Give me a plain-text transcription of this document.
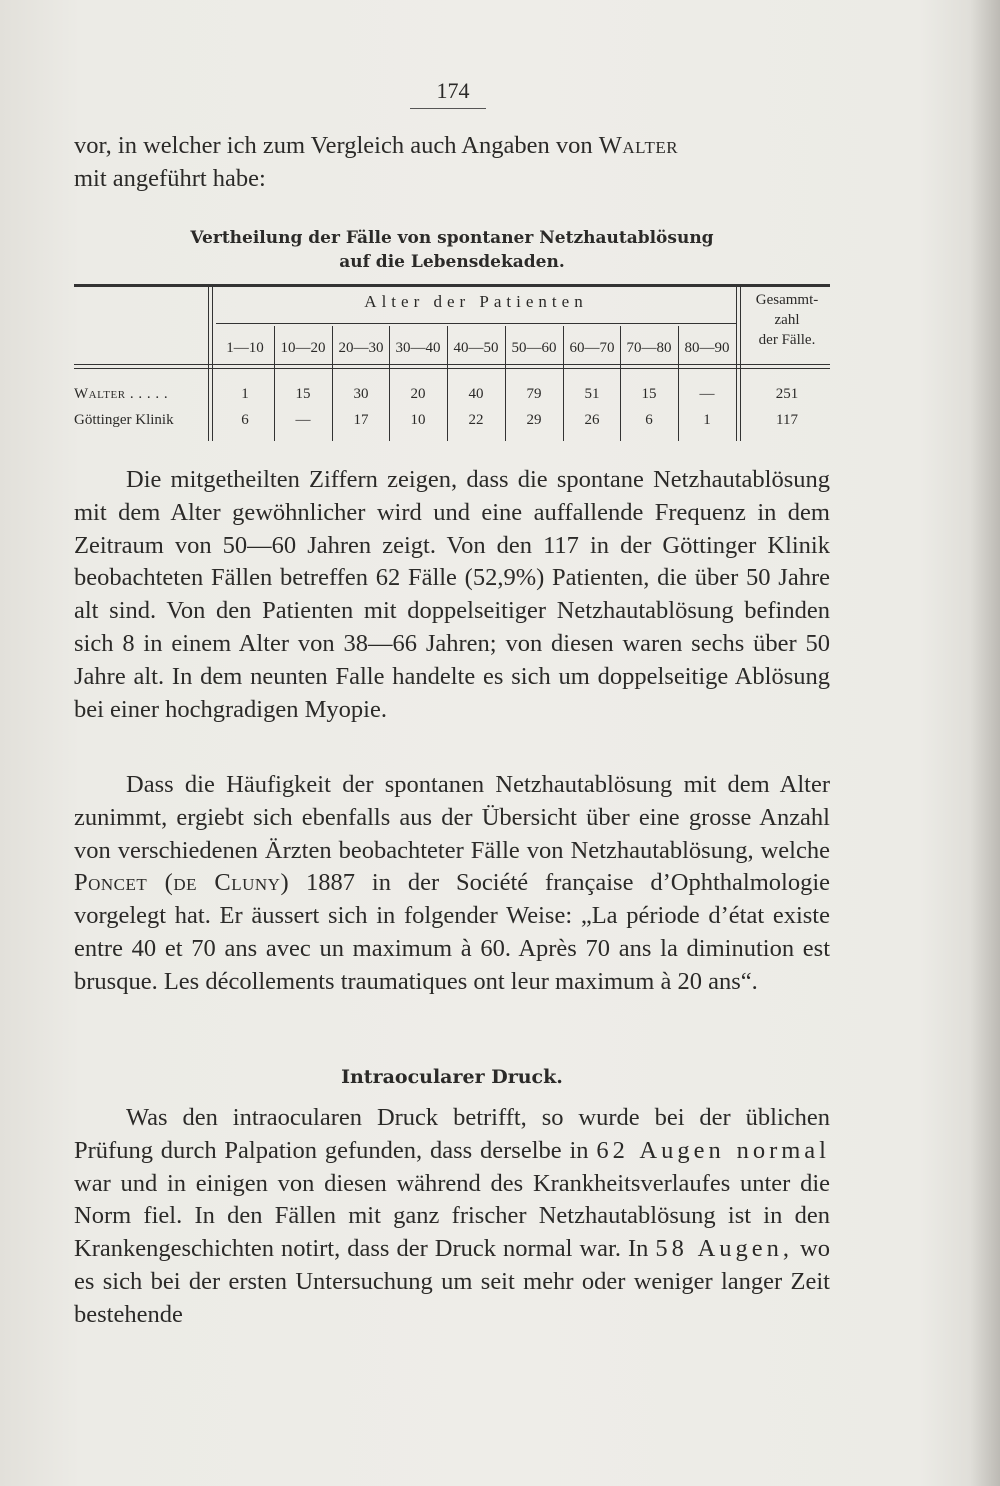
174

vor, in welcher ich zum Vergleich auch Angaben von Walter

mit angeführt habe:

Vertheilung der Fälle von spontaner Netzhautablösung
auf die Lebensdekaden.
Alter der Patienten	Gesammt-
zahl
der Fälle.
1—10
1
6
10—20
15
—
20—30
30
17
30—40
20
10
40—50
40
22
50—60
79
29
60—70
51
26
70—80
15
6
80—90
—
1
Walter . . . . .
Göttinger Klinik
251
117

Die mitgetheilten Ziffern zeigen, dass die spontane Netzhautablösung mit dem Alter gewöhnlicher wird und eine auffallende Frequenz in dem Zeitraum von 50—60 Jahren zeigt. Von den 117 in der Göttinger Klinik beobachteten Fällen betreffen 62 Fälle (52,9%) Patienten, die über 50 Jahre alt sind. Von den Patienten mit doppelseitiger Netzhautablösung befinden sich 8 in einem Alter von 38—66 Jahren; von diesen waren sechs über 50 Jahre alt. In dem neunten Falle handelte es sich um doppelseitige Ablösung bei einer hochgradigen Myopie.

Dass die Häufigkeit der spontanen Netzhautablösung mit dem Alter zunimmt, ergiebt sich ebenfalls aus der Übersicht über eine grosse Anzahl von verschiedenen Ärzten beobachteter Fälle von Netzhautablösung, welche Poncet (de Cluny) 1887 in der Société française d’Ophthalmologie vorgelegt hat. Er äussert sich in folgender Weise: „La période d’état existe entre 40 et 70 ans avec un maximum à 60. Après 70 ans la diminution est brusque. Les décollements traumatiques ont leur maximum à 20 ans“.

Intraocularer Druck.

Was den intraocularen Druck betrifft, so wurde bei der üblichen Prüfung durch Palpation gefunden, dass derselbe in 62 Augen normal war und in einigen von diesen während des Krankheitsverlaufes unter die Norm fiel. In den Fällen mit ganz frischer Netzhautablösung ist in den Krankengeschichten notirt, dass der Druck normal war. In 58 Augen, wo es sich bei der ersten Untersuchung um seit mehr oder weniger langer Zeit bestehende
